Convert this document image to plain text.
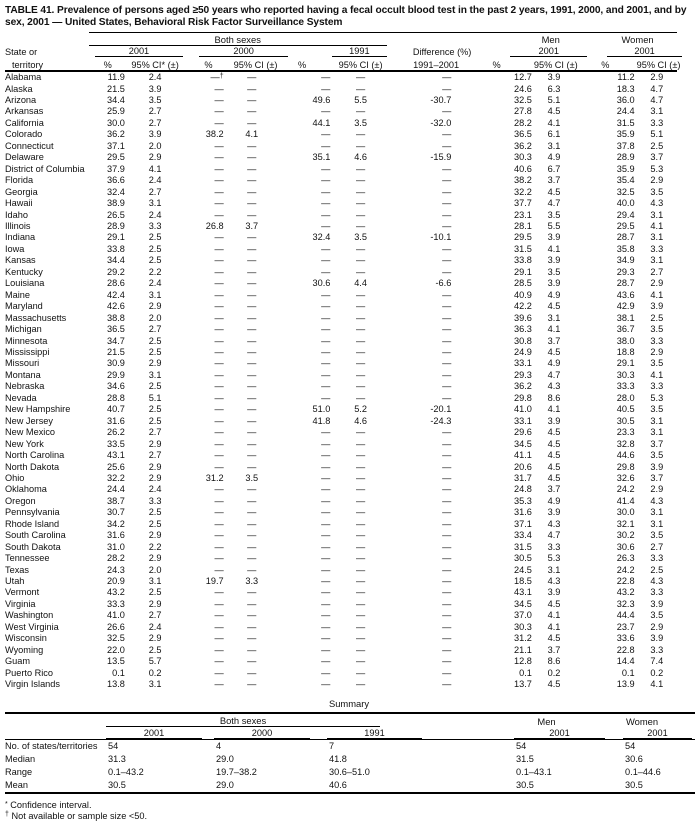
TABLE 41. Prevalence of persons aged ≥50 years who reported having a fecal occult blood test in the past 2 years, 1991, 2000, and 2001, and by sex, 2001 — United States, Behavioral Risk Factor Surveillance System
	Both sexes							Men		Women	
State or	2001		2000		1991		Difference (%)	2001		2001	

territory	%	95% CI* (±)	%	95% CI (±)	%	95% CI (±)	1991–2001	%	95% CI (±)	%	95% CI (±)
Alabama	11.9	2.4	—†	—	—	—	—	12.7	3.9	11.2	2.9
Alaska	21.5	3.9	—	—	—	—	—	24.6	6.3	18.3	4.7
Arizona	34.4	3.5	—	—	49.6	5.5	-30.7	32.5	5.1	36.0	4.7
Arkansas	25.9	2.7	—	—	—	—	—	27.8	4.5	24.4	3.1
California	30.0	2.7	—	—	44.1	3.5	-32.0	28.2	4.1	31.5	3.3
Colorado	36.2	3.9	38.2	4.1	—	—	—	36.5	6.1	35.9	5.1
Connecticut	37.1	2.0	—	—	—	—	—	36.2	3.1	37.8	2.5
Delaware	29.5	2.9	—	—	35.1	4.6	-15.9	30.3	4.9	28.9	3.7
District of Columbia	37.9	4.1	—	—	—	—	—	40.6	6.7	35.9	5.3
Florida	36.6	2.4	—	—	—	—	—	38.2	3.7	35.4	2.9
Georgia	32.4	2.7	—	—	—	—	—	32.2	4.5	32.5	3.5
Hawaii	38.9	3.1	—	—	—	—	—	37.7	4.7	40.0	4.3
Idaho	26.5	2.4	—	—	—	—	—	23.1	3.5	29.4	3.1
Illinois	28.9	3.3	26.8	3.7	—	—	—	28.1	5.5	29.5	4.1
Indiana	29.1	2.5	—	—	32.4	3.5	-10.1	29.5	3.9	28.7	3.1
Iowa	33.8	2.5	—	—	—	—	—	31.5	4.1	35.8	3.3
Kansas	34.4	2.5	—	—	—	—	—	33.8	3.9	34.9	3.1
Kentucky	29.2	2.2	—	—	—	—	—	29.1	3.5	29.3	2.7
Louisiana	28.6	2.4	—	—	30.6	4.4	-6.6	28.5	3.9	28.7	2.9
Maine	42.4	3.1	—	—	—	—	—	40.9	4.9	43.6	4.1
Maryland	42.6	2.9	—	—	—	—	—	42.2	4.5	42.9	3.9
Massachusetts	38.8	2.0	—	—	—	—	—	39.6	3.1	38.1	2.5
Michigan	36.5	2.7	—	—	—	—	—	36.3	4.1	36.7	3.5
Minnesota	34.7	2.5	—	—	—	—	—	30.8	3.7	38.0	3.3
Mississippi	21.5	2.5	—	—	—	—	—	24.9	4.5	18.8	2.9
Missouri	30.9	2.9	—	—	—	—	—	33.1	4.9	29.1	3.5
Montana	29.9	3.1	—	—	—	—	—	29.3	4.7	30.3	4.1
Nebraska	34.6	2.5	—	—	—	—	—	36.2	4.3	33.3	3.3
Nevada	28.8	5.1	—	—	—	—	—	29.8	8.6	28.0	5.3
New Hampshire	40.7	2.5	—	—	51.0	5.2	-20.1	41.0	4.1	40.5	3.5
New Jersey	31.6	2.5	—	—	41.8	4.6	-24.3	33.1	3.9	30.5	3.1
New Mexico	26.2	2.7	—	—	—	—	—	29.6	4.5	23.3	3.1
New York	33.5	2.9	—	—	—	—	—	34.5	4.5	32.8	3.7
North Carolina	43.1	2.7	—	—	—	—	—	41.1	4.5	44.6	3.5
North Dakota	25.6	2.9	—	—	—	—	—	20.6	4.5	29.8	3.9
Ohio	32.2	2.9	31.2	3.5	—	—	—	31.7	4.5	32.6	3.7
Oklahoma	24.4	2.4	—	—	—	—	—	24.8	3.7	24.2	2.9
Oregon	38.7	3.3	—	—	—	—	—	35.3	4.9	41.4	4.3
Pennsylvania	30.7	2.5	—	—	—	—	—	31.6	3.9	30.0	3.1
Rhode Island	34.2	2.5	—	—	—	—	—	37.1	4.3	32.1	3.1
South Carolina	31.6	2.9	—	—	—	—	—	33.4	4.7	30.2	3.5
South Dakota	31.0	2.2	—	—	—	—	—	31.5	3.3	30.6	2.7
Tennessee	28.2	2.9	—	—	—	—	—	30.5	5.3	26.3	3.3
Texas	24.3	2.0	—	—	—	—	—	24.5	3.1	24.2	2.5
Utah	20.9	3.1	19.7	3.3	—	—	—	18.5	4.3	22.8	4.3
Vermont	43.2	2.5	—	—	—	—	—	43.1	3.9	43.2	3.3
Virginia	33.3	2.9	—	—	—	—	—	34.5	4.5	32.3	3.9
Washington	41.0	2.7	—	—	—	—	—	37.0	4.1	44.4	3.5
West Virginia	26.6	2.4	—	—	—	—	—	30.3	4.1	23.7	2.9
Wisconsin	32.5	2.9	—	—	—	—	—	31.2	4.5	33.6	3.9
Wyoming	22.0	2.5	—	—	—	—	—	21.1	3.7	22.8	3.3
Guam	13.5	5.7	—	—	—	—	—	12.8	8.6	14.4	7.4
Puerto Rico	0.1	0.2	—	—	—	—	—	0.1	0.2	0.1	0.2
Virgin Islands	13.8	3.1	—	—	—	—	—	13.7	4.5	13.9	4.1
Summary

	Both sexes				Men	Women

	2001	2000	1991		2001	2001

No. of states/territories	54	4	7		54	54
Median	31.3	29.0	41.8		31.5	30.6
Range	0.1–43.2	19.7–38.2	30.6–51.0		0.1–43.1	0.1–44.6
Mean	30.5	29.0	40.6		30.5	30.5
* Confidence interval.
† Not available or sample size <50.
